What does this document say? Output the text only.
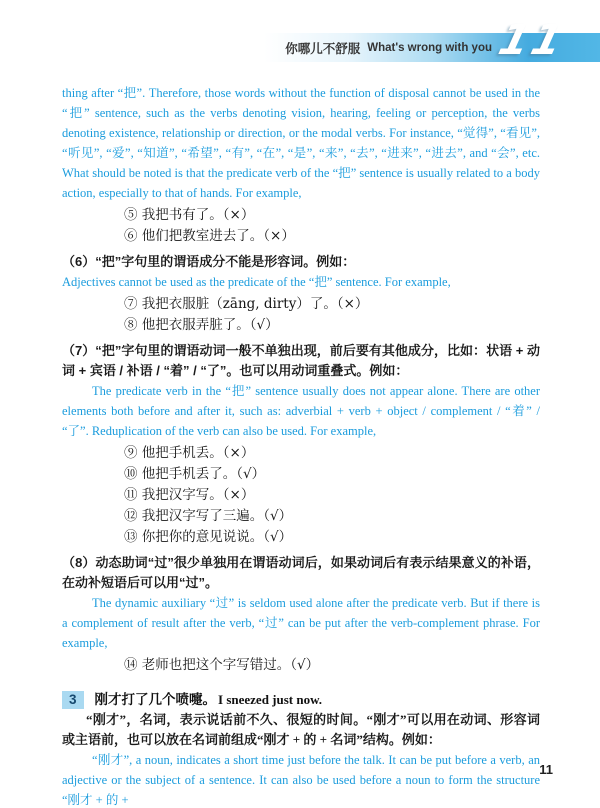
你哪儿不舒服 What's wrong with you 11

thing after “把”. Therefore, those words without the function of disposal cannot be used in the “把” sentence, such as the verbs denoting vision, hearing, feeling or perception, the verbs denoting existence, relationship or direction, or the modal verbs. For instance, “觉得”, “看见”, “听见”, “爱”, “知道”, “希望”, “有”, “在”, “是”, “来”, “去”, “进来”, “进去”, and “会”, etc. What should be noted is that the predicate verb of the “把” sentence is usually related to a body action, especially to that of hands. For example,

⑤ 我把书有了。（×）

⑥ 他们把教室进去了。（×）

（6）“把”字句里的谓语成分不能是形容词。例如：

Adjectives cannot be used as the predicate of the “把” sentence. For example,

⑦ 我把衣服脏（zāng, dirty）了。（×）

⑧ 他把衣服弄脏了。（√）

（7）“把”字句里的谓语动词一般不单独出现，前后要有其他成分，比如：状语 + 动词 + 宾语 / 补语 / “着” / “了”。也可以用动词重叠式。例如：

The predicate verb in the “把” sentence usually does not appear alone. There are other elements both before and after it, such as: adverbial + verb + object / complement / “着” / “了”. Reduplication of the verb can also be used. For example,

⑨ 他把手机丢。（×）

⑩ 他把手机丢了。（√）

⑪ 我把汉字写。（×）

⑫ 我把汉字写了三遍。（√）

⑬ 你把你的意见说说。（√）

（8）动态助词“过”很少单独用在谓语动词后，如果动词后有表示结果意义的补语，在动补短语后可以用“过”。

The dynamic auxiliary “过” is seldom used alone after the predicate verb. But if there is a complement of result after the verb, “过” can be put after the verb-complement phrase. For example,

⑭ 老师也把这个字写错过。（√）

3	刚才打了几个喷嚏。 I sneezed just now.

“刚才”，名词，表示说话前不久、很短的时间。“刚才”可以用在动词、形容词或主语前，也可以放在名词前组成“刚才 + 的 + 名词”结构。例如：

“刚才”, a noun, indicates a short time just before the talk. It can be put before a verb, an adjective or the subject of a sentence. It can also be used before a noun to form the structure “刚才 + 的 +

11
